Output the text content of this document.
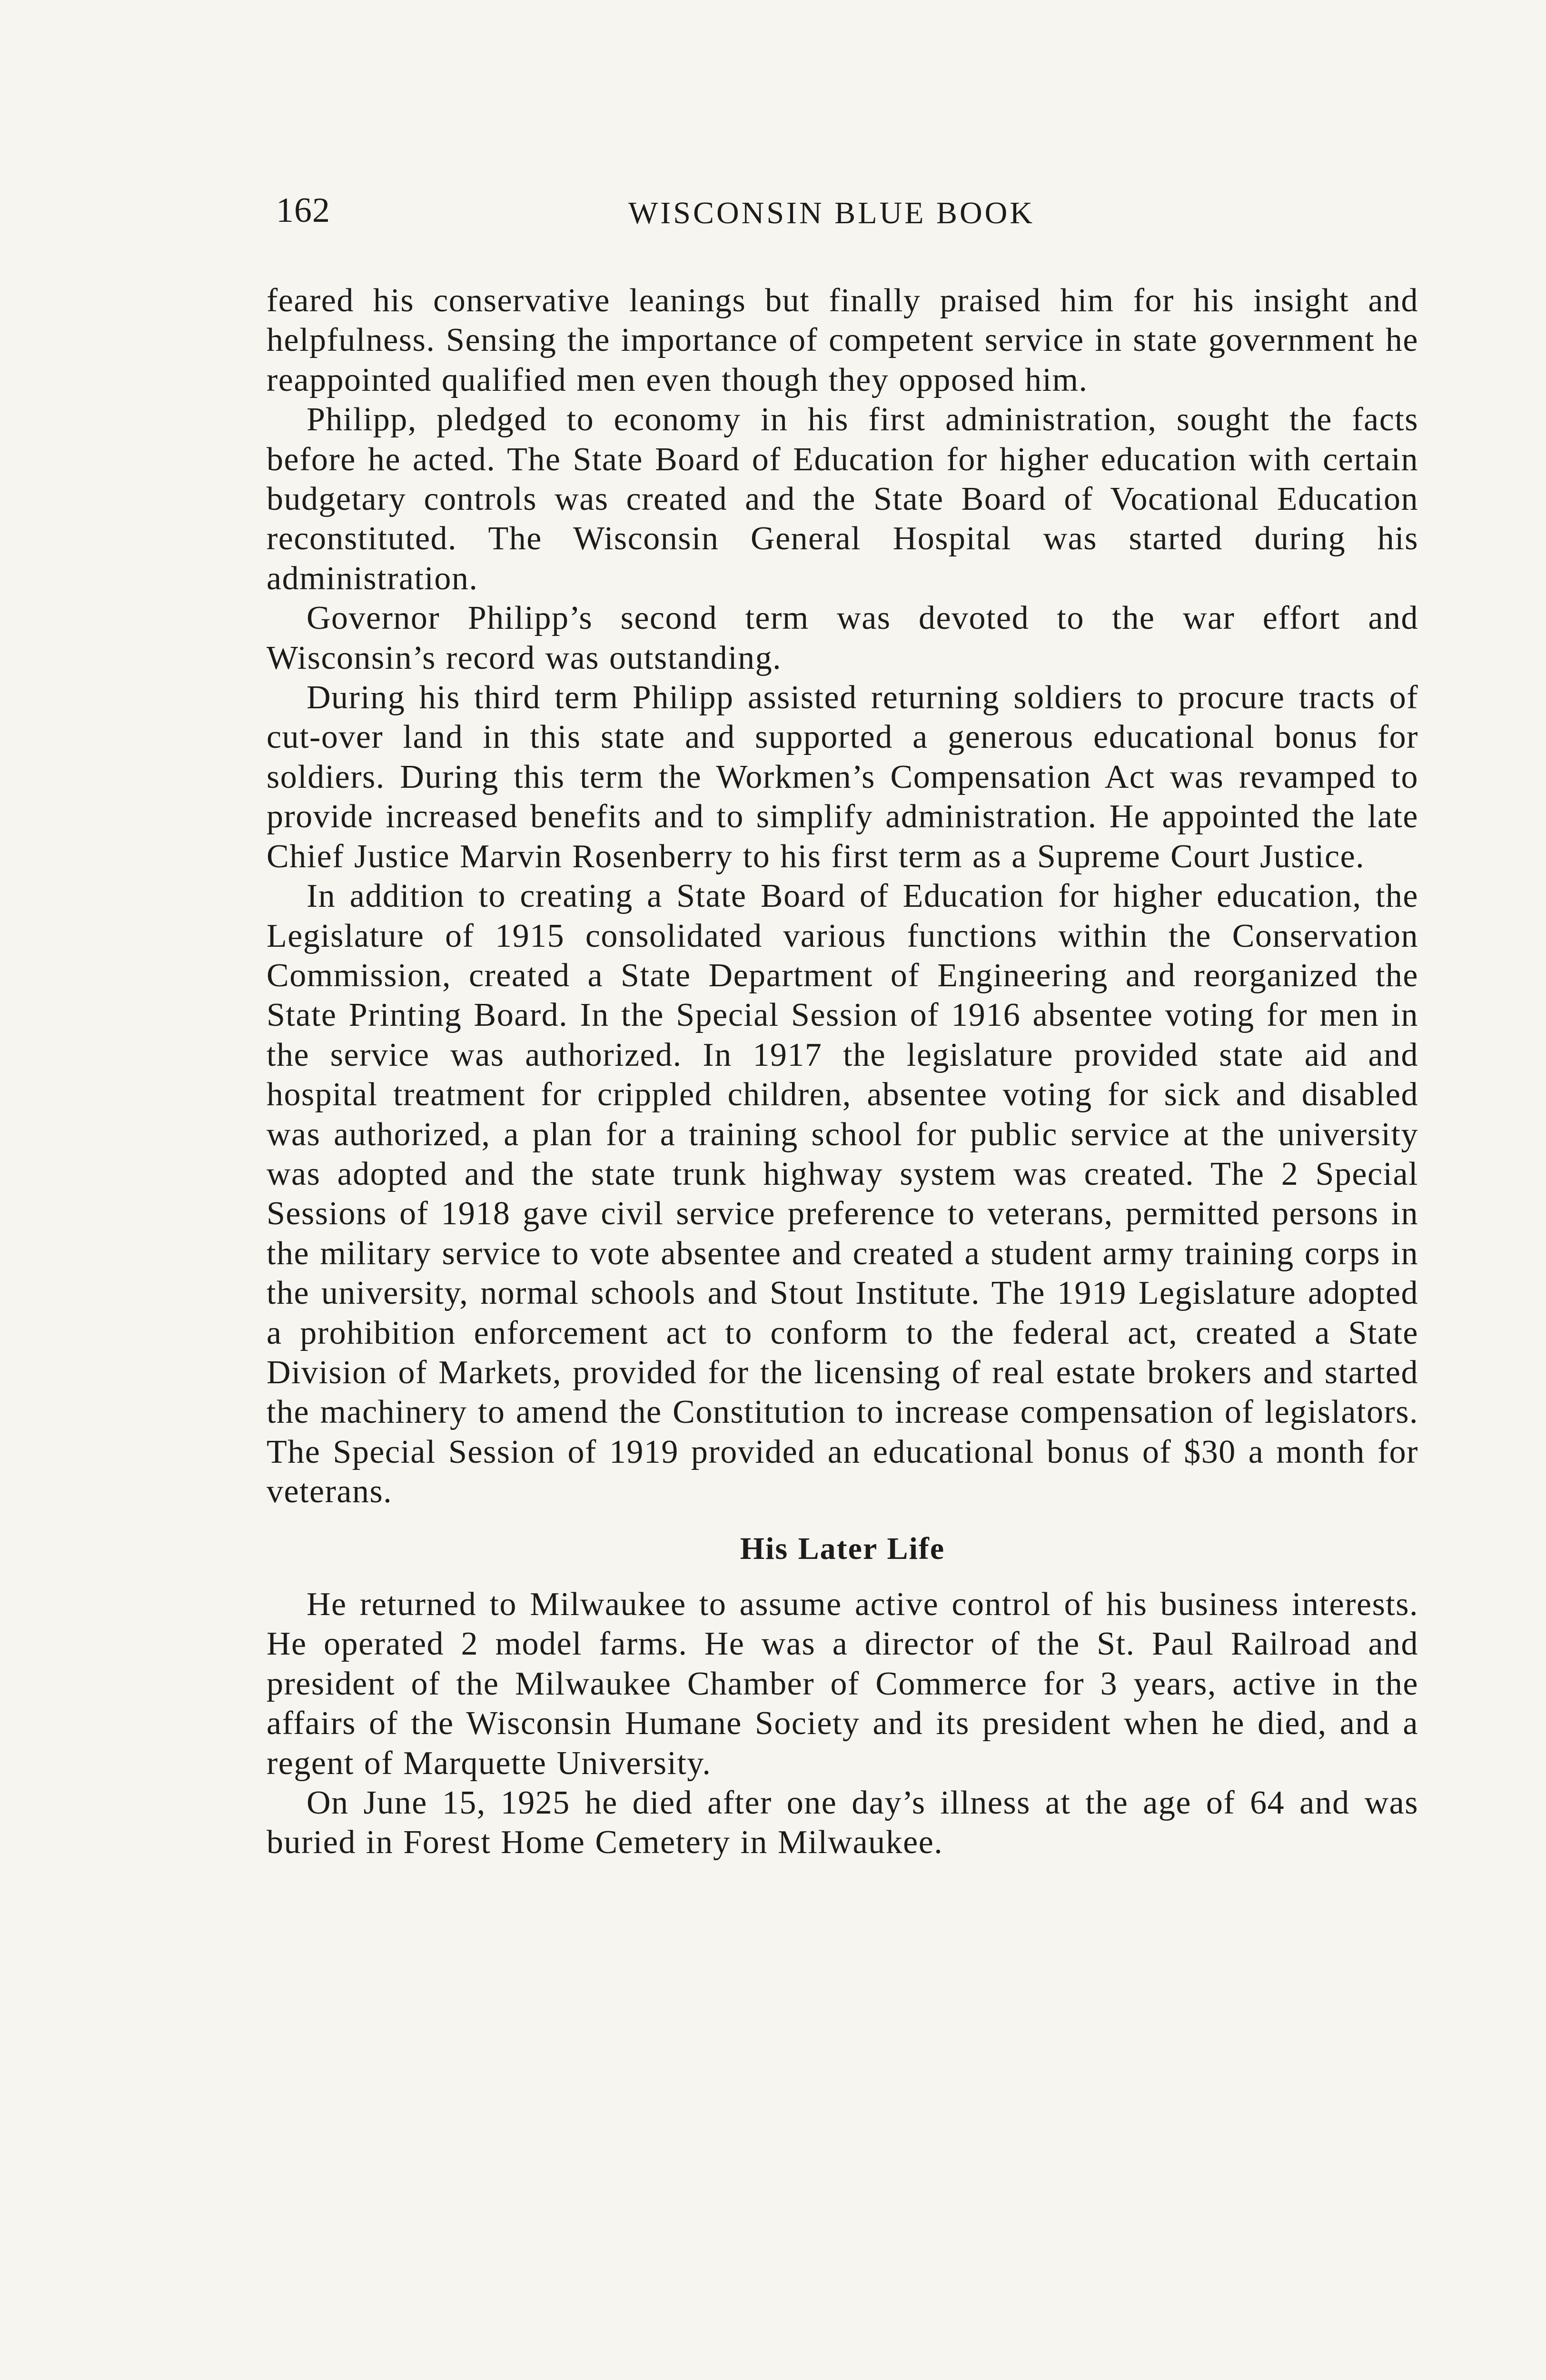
162	WISCONSIN BLUE BOOK

feared his conservative leanings but finally praised him for his insight and helpfulness. Sensing the importance of competent service in state government he reappointed qualified men even though they opposed him.

Philipp, pledged to economy in his first administration, sought the facts before he acted. The State Board of Education for higher education with certain budgetary controls was created and the State Board of Vocational Education reconstituted. The Wisconsin General Hospital was started during his administration.

Governor Philipp’s second term was devoted to the war effort and Wisconsin’s record was outstanding.

During his third term Philipp assisted returning soldiers to procure tracts of cut-over land in this state and supported a generous educational bonus for soldiers. During this term the Workmen’s Compensation Act was revamped to provide increased benefits and to simplify administration. He appointed the late Chief Justice Marvin Rosenberry to his first term as a Supreme Court Justice.

In addition to creating a State Board of Education for higher education, the Legislature of 1915 consolidated various functions within the Conservation Commission, created a State Department of Engineering and reorganized the State Printing Board. In the Special Session of 1916 absentee voting for men in the service was authorized. In 1917 the legislature provided state aid and hospital treatment for crippled children, absentee voting for sick and disabled was authorized, a plan for a training school for public service at the university was adopted and the state trunk highway system was created. The 2 Special Sessions of 1918 gave civil service preference to veterans, permitted persons in the military service to vote absentee and created a student army training corps in the university, normal schools and Stout Institute. The 1919 Legislature adopted a prohibition enforcement act to conform to the federal act, created a State Division of Markets, provided for the licensing of real estate brokers and started the machinery to amend the Constitution to increase compensation of legislators. The Special Session of 1919 provided an educational bonus of $30 a month for veterans.

His Later Life

He returned to Milwaukee to assume active control of his business interests. He operated 2 model farms. He was a director of the St. Paul Railroad and president of the Milwaukee Chamber of Commerce for 3 years, active in the affairs of the Wisconsin Humane Society and its president when he died, and a regent of Marquette University.

On June 15, 1925 he died after one day’s illness at the age of 64 and was buried in Forest Home Cemetery in Milwaukee.
